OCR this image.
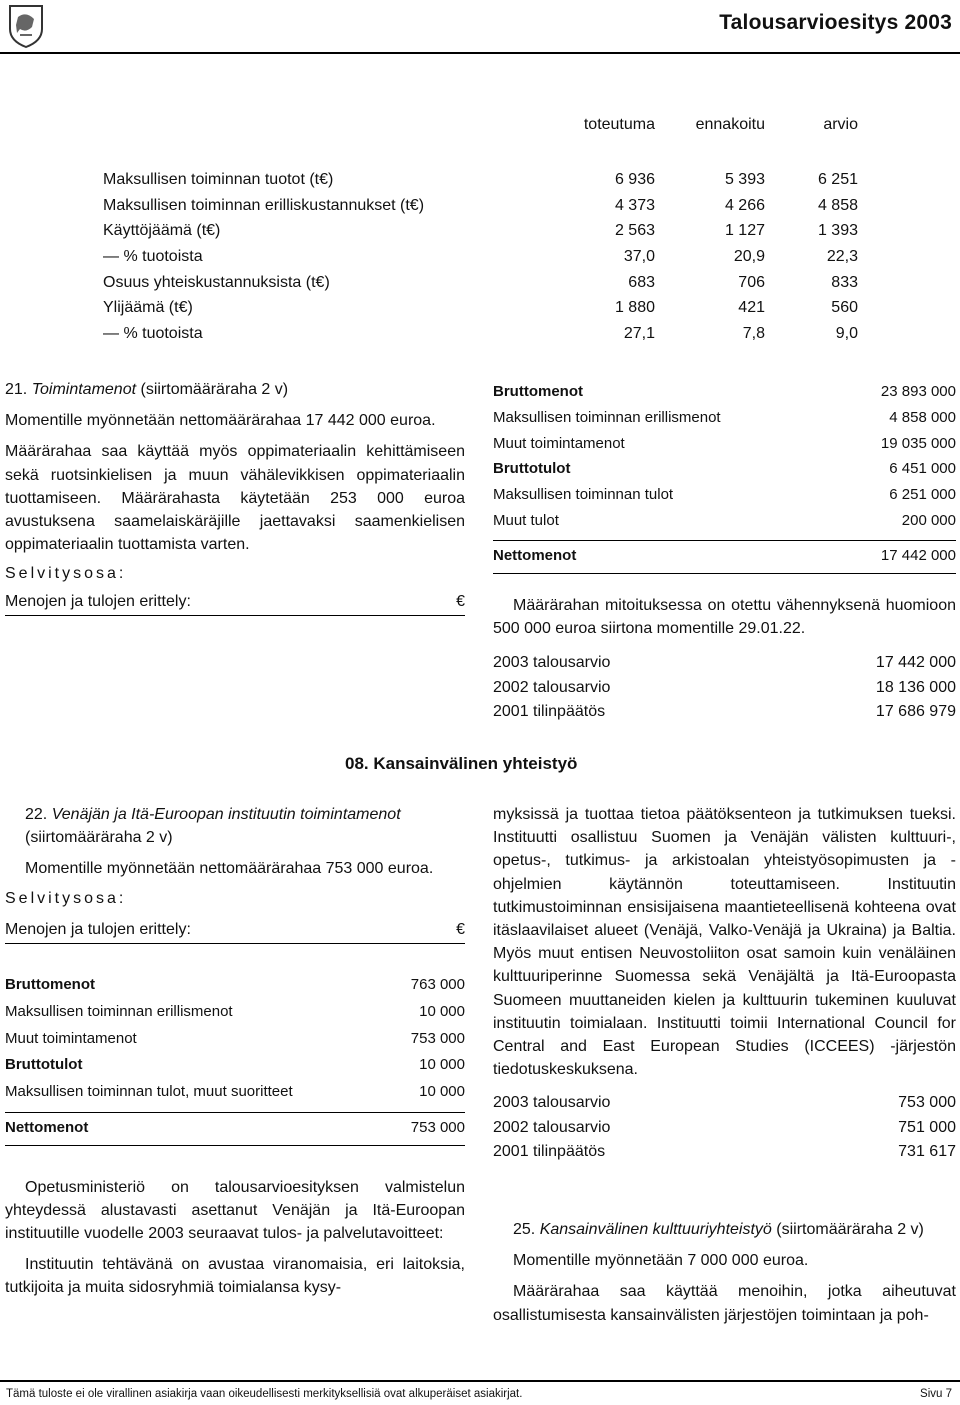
Talousarvioesitys 2003
toteutuma	ennakoitu	arvio
Maksullisen toiminnan tuotot (t€)	6 936	5 393	6 251
Maksullisen toiminnan erilliskustannukset (t€)	4 373	4 266	4 858
Käyttöjäämä (t€)	2 563	1 127	1 393
— % tuotoista	37,0	20,9	22,3
Osuus yhteiskustannuksista (t€)	683	706	833
Ylijäämä (t€)	1 880	421	560
— % tuotoista	27,1	7,8	9,0
21. Toimintamenot (siirtomääräraha 2 v)
Momentille myönnetään nettomäärärahaa 17 442 000 euroa.
Määrärahaa saa käyttää myös oppimateriaalin kehittämiseen sekä ruotsinkielisen ja muun vähälevikkisen oppimateriaalin tuottamiseen. Määrärahasta käytetään 253 000 euroa avustuksena saamelaiskäräjille jaettavaksi saamenkielisen oppimateriaalin tuottamista varten.
Selvitysosa:
Menojen ja tulojen erittely:	€
Bruttomenot	23 893 000
Maksullisen toiminnan erillismenot	4 858 000
Muut toimintamenot	19 035 000
Bruttotulot	6 451 000
Maksullisen toiminnan tulot	6 251 000
Muut tulot	200 000
Nettomenot	17 442 000
Määrärahan mitoituksessa on otettu vähennyksenä huomioon 500 000 euroa siirtona momentille 29.01.22.
2003 talousarvio	17 442 000
2002 talousarvio	18 136 000
2001 tilinpäätös	17 686 979
08. Kansainvälinen yhteistyö
22. Venäjän ja Itä-Euroopan instituutin toimintamenot (siirtomääräraha 2 v)
Momentille myönnetään nettomäärärahaa 753 000 euroa.
Selvitysosa:
Menojen ja tulojen erittely:	€
Bruttomenot	763 000
Maksullisen toiminnan erillismenot	10 000
Muut toimintamenot	753 000
Bruttotulot	10 000
Maksullisen toiminnan tulot, muut suoritteet	10 000
Nettomenot	753 000
Opetusministeriö on talousarvioesityksen valmistelun yhteydessä alustavasti asettanut Venäjän ja Itä-Euroopan instituutille vuodelle 2003 seuraavat tulos- ja palvelutavoitteet:
Instituutin tehtävänä on avustaa viranomaisia, eri laitoksia, tutkijoita ja muita sidosryhmiä toimialansa kysy-
myksissä ja tuottaa tietoa päätöksenteon ja tutkimuksen tueksi. Instituutti osallistuu Suomen ja Venäjän välisten kulttuuri-, opetus-, tutkimus- ja arkistoalan yhteistyösopimusten ja -ohjelmien käytännön toteuttamiseen. Instituutin tutkimustoiminnan ensisijaisena maantieteellisenä kohteena ovat itäslaavilaiset alueet (Venäjä, Valko-Venäjä ja Ukraina) ja Baltia. Myös muut entisen Neuvostoliiton osat samoin kuin venäläinen kulttuuriperinne Suomessa sekä Venäjältä ja Itä-Euroopasta Suomeen muuttaneiden kielen ja kulttuurin tukeminen kuuluvat instituutin toimialaan. Instituutti toimii International Council for Central and East European Studies (ICCEES) -järjestön tiedotuskeskuksena.
2003 talousarvio	753 000
2002 talousarvio	751 000
2001 tilinpäätös	731 617
25. Kansainvälinen kulttuuriyhteistyö (siirtomääräraha 2 v)
Momentille myönnetään 7 000 000 euroa.
Määrärahaa saa käyttää menoihin, jotka aiheutuvat osallistumisesta kansainvälisten järjestöjen toimintaan ja poh-
Tämä tuloste ei ole virallinen asiakirja vaan oikeudellisesti merkityksellisiä ovat alkuperäiset asiakirjat.	Sivu 7
